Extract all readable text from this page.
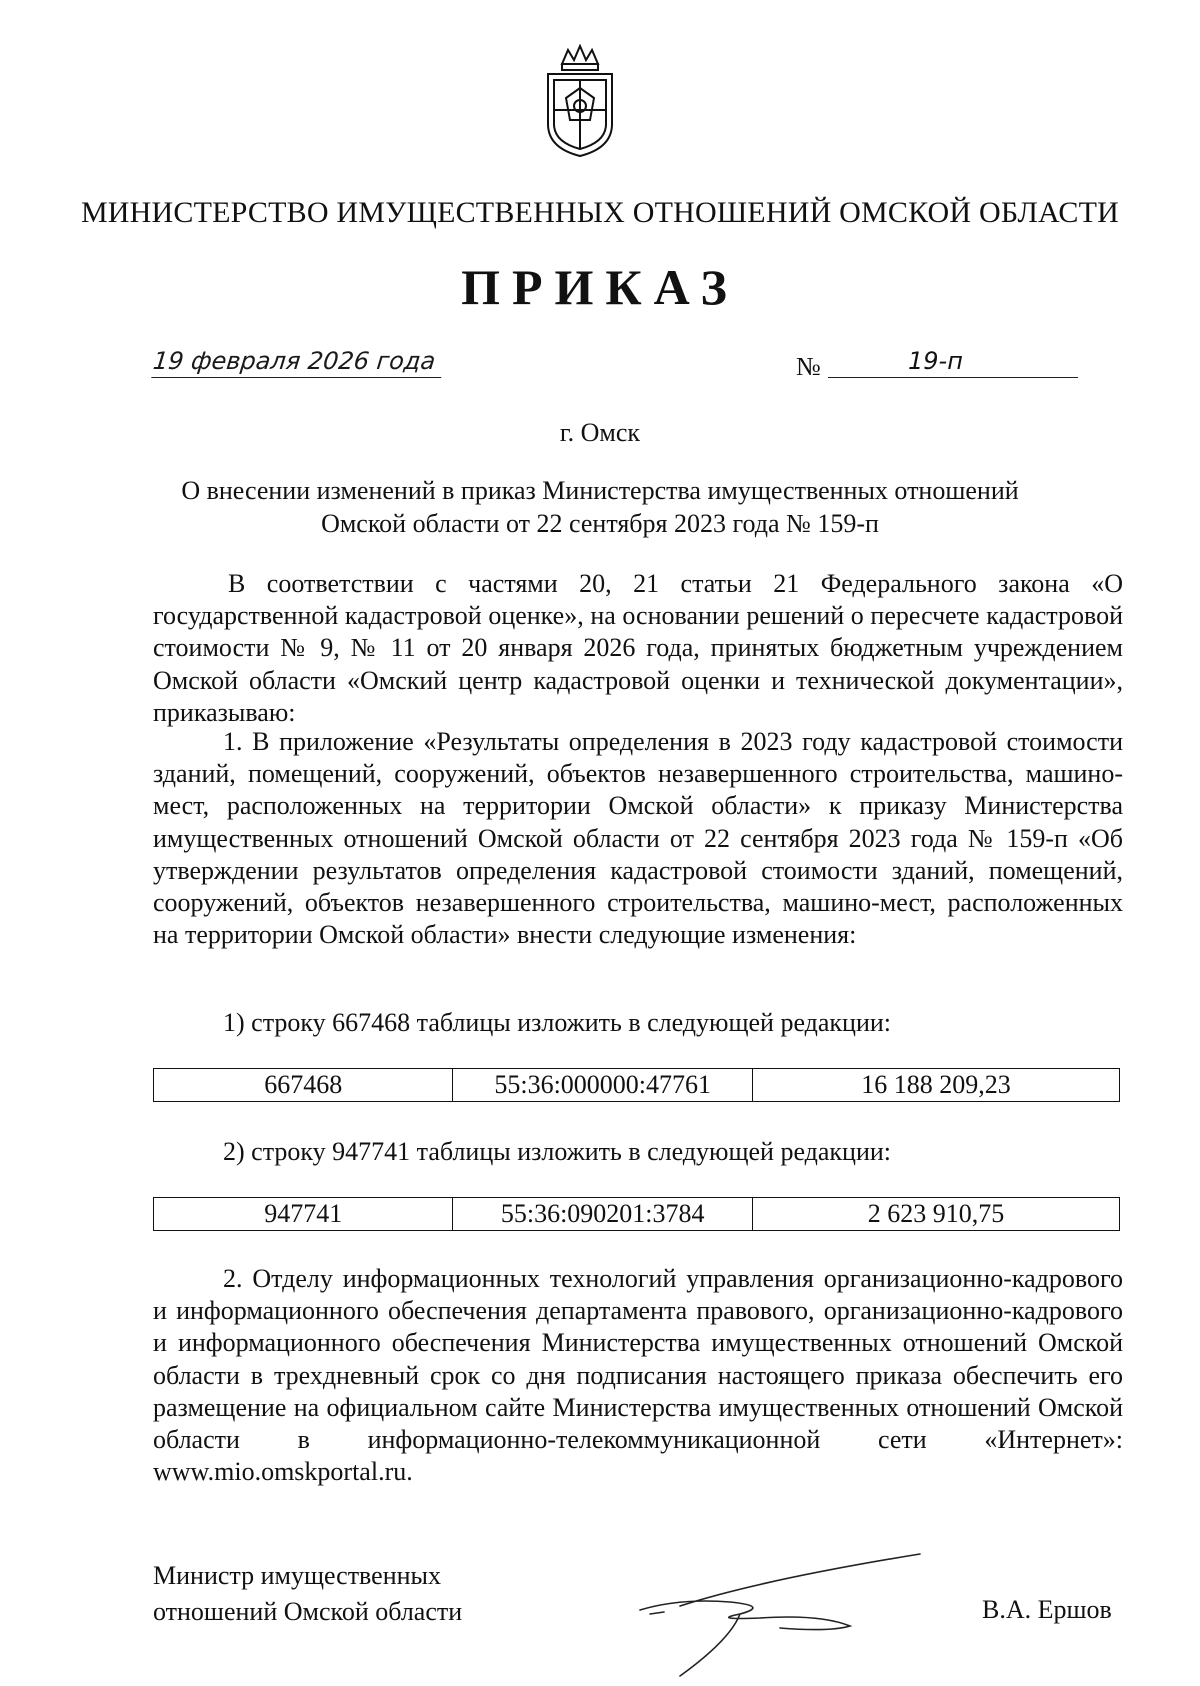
МИНИСТЕРСТВО ИМУЩЕСТВЕННЫХ ОТНОШЕНИЙ ОМСКОЙ ОБЛАСТИ
ПРИКАЗ
19 февраля 2026 года	№	19-п
г. Омск
О внесении изменений в приказ Министерства имущественных отношений
Омской области от 22 сентября 2023 года № 159-п
В соответствии с частями 20, 21 статьи 21 Федерального закона «О государственной кадастровой оценке», на основании решений о пересчете кадастровой стоимости № 9, № 11 от 20 января 2026 года, принятых бюджетным учреждением Омской области «Омский центр кадастровой оценки и технической документации», приказываю:
1. В приложение «Результаты определения в 2023 году кадастровой стоимости зданий, помещений, сооружений, объектов незавершенного строительства, машино-мест, расположенных на территории Омской области» к приказу Министерства имущественных отношений Омской области от 22 сентября 2023 года № 159-п «Об утверждении результатов определения кадастровой стоимости зданий, помещений, сооружений, объектов незавершенного строительства, машино-мест, расположенных на территории Омской области» внести следующие изменения:
1) строку 667468 таблицы изложить в следующей редакции:
667468	55:36:000000:47761	16 188 209,23
2) строку 947741 таблицы изложить в следующей редакции:
947741	55:36:090201:3784	2 623 910,75
2. Отделу информационных технологий управления организационно-кадрового и информационного обеспечения департамента правового, организационно-кадрового и информационного обеспечения Министерства имущественных отношений Омской области в трехдневный срок со дня подписания настоящего приказа обеспечить его размещение на официальном сайте Министерства имущественных отношений Омской области в информационно-телекоммуникационной сети «Интернет»: www.mio.omskportal.ru.
Министр имущественных
отношений Омской области	В.А. Ершов
